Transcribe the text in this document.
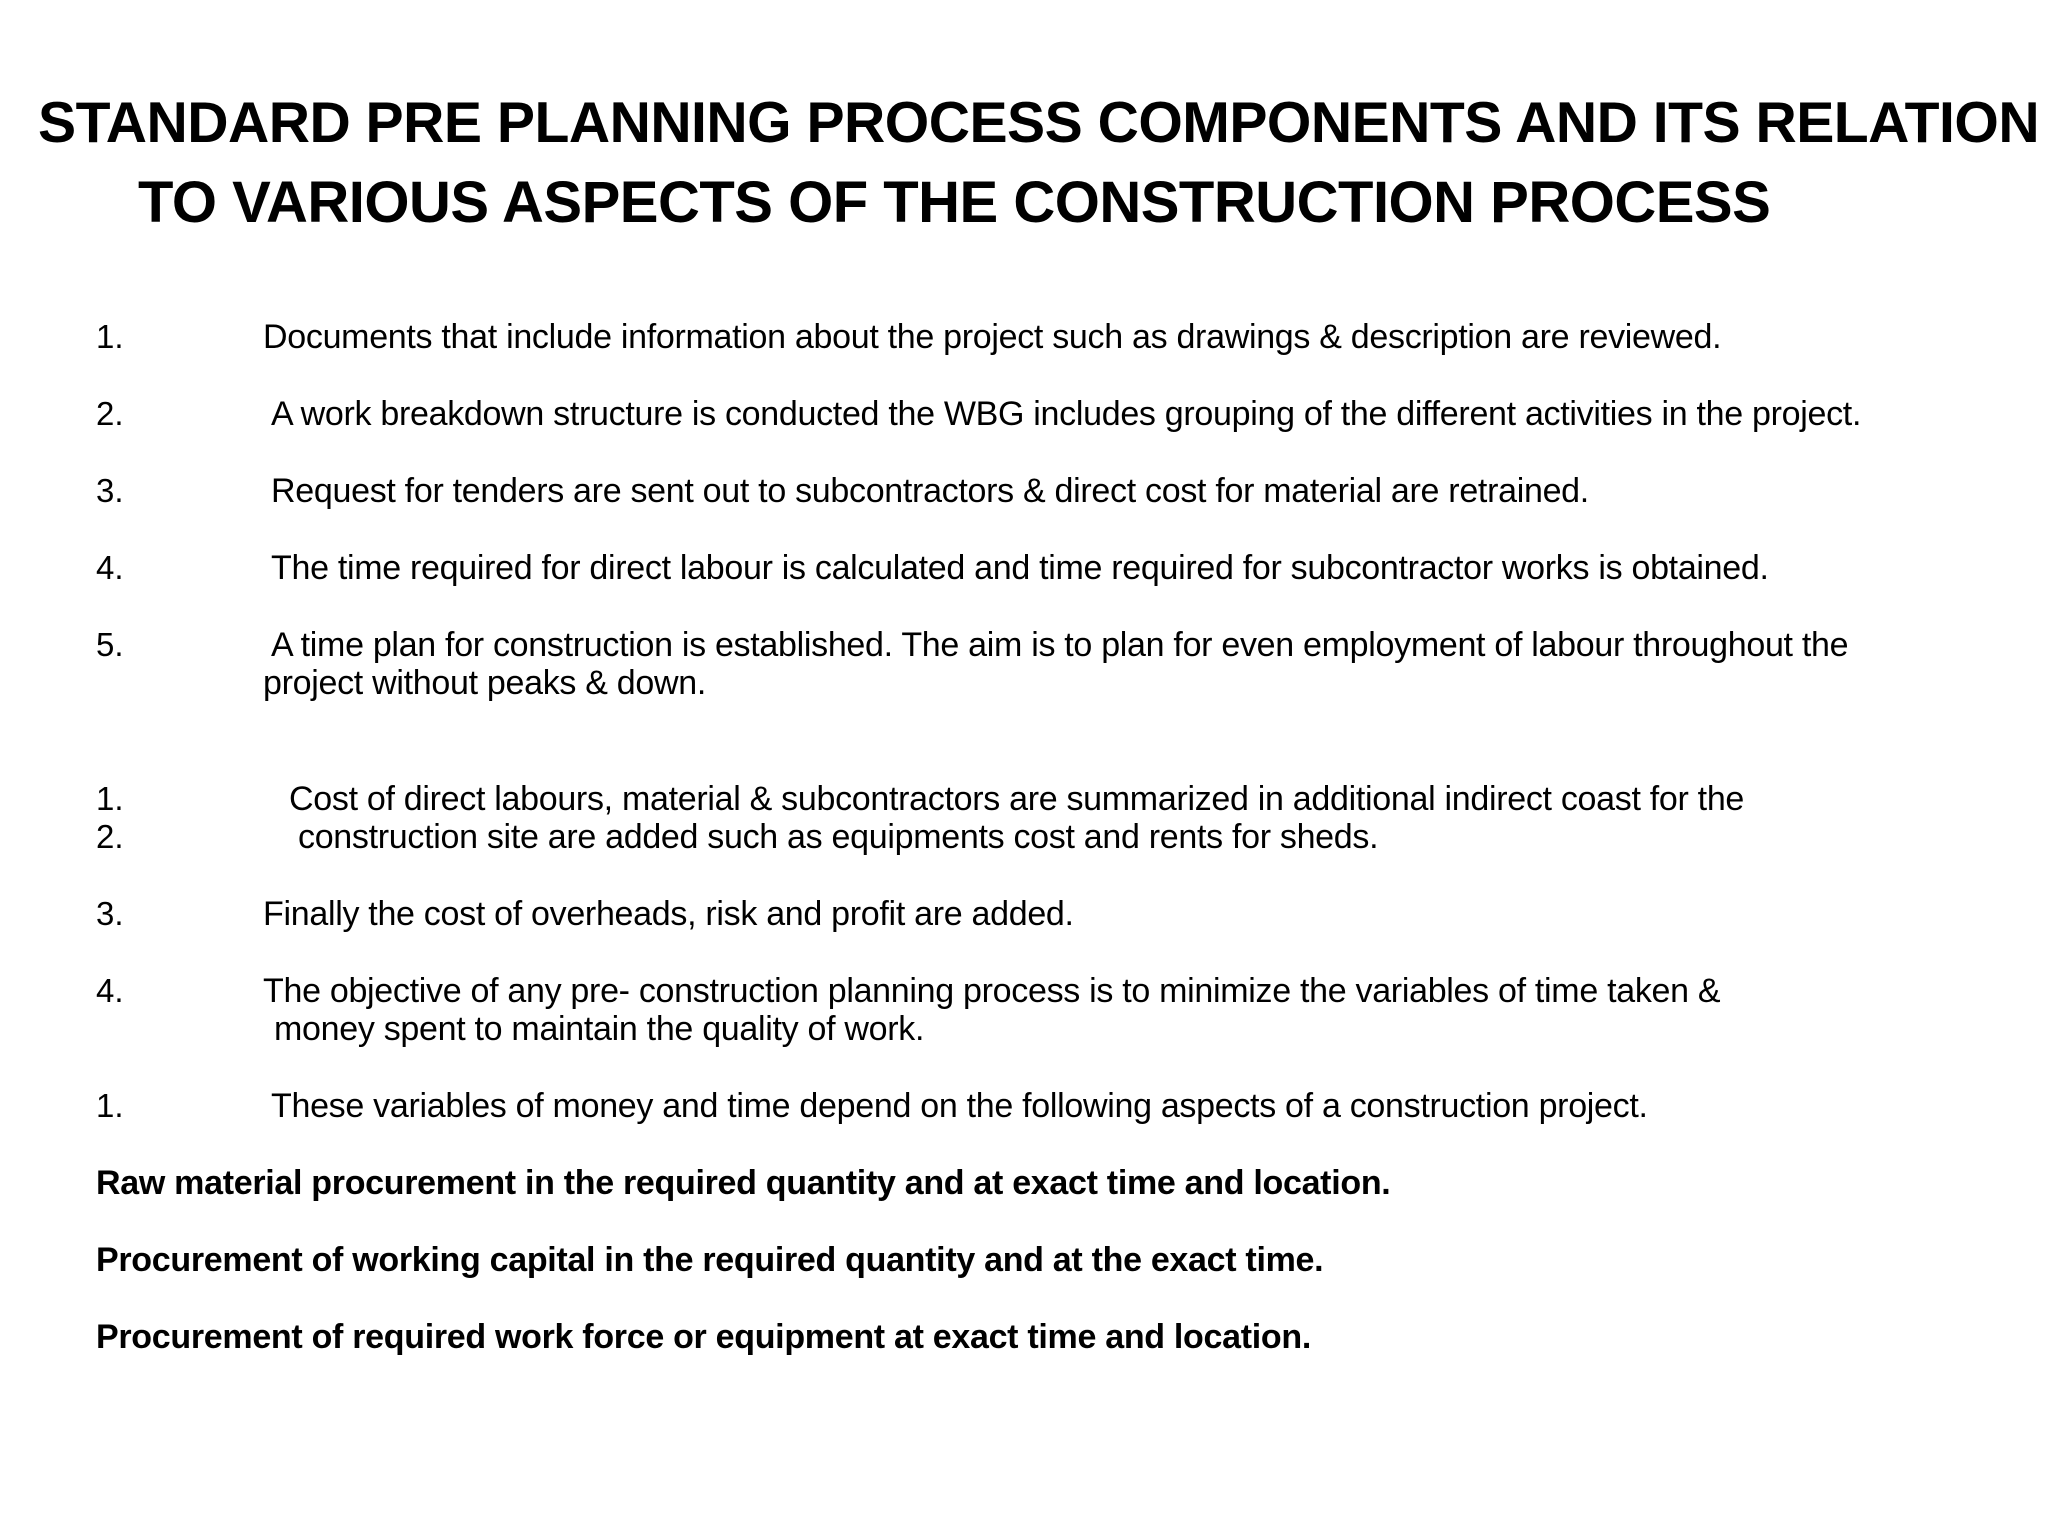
STANDARD PRE PLANNING PROCESS COMPONENTS AND ITS RELATION
TO VARIOUS ASPECTS OF THE CONSTRUCTION PROCESS
1.	Documents that include information about the project such as drawings & description are reviewed.
2.	A work breakdown structure is conducted the WBG includes grouping of the different activities in the project.
3.	Request for tenders are sent out to subcontractors & direct cost for material are retrained.
4.	The time required for direct labour is calculated and time required for subcontractor works is obtained.
5.	A time plan for construction is established. The aim is to plan for even employment of labour throughout the
project without peaks & down.
1.	Cost of direct labours, material & subcontractors are summarized in additional indirect coast for the
2.	construction site are added such as equipments cost and rents for sheds.
3.	Finally the cost of overheads, risk and profit are added.
4.	The objective of any pre- construction planning process is to minimize the variables of time taken &
money spent to maintain the quality of work.
1.	These variables of money and time depend on the following aspects of a construction project.
Raw material procurement in the required quantity and at exact time and location.
Procurement of working capital in the required quantity and at the exact time.
Procurement of required work force or equipment at exact time and location.
